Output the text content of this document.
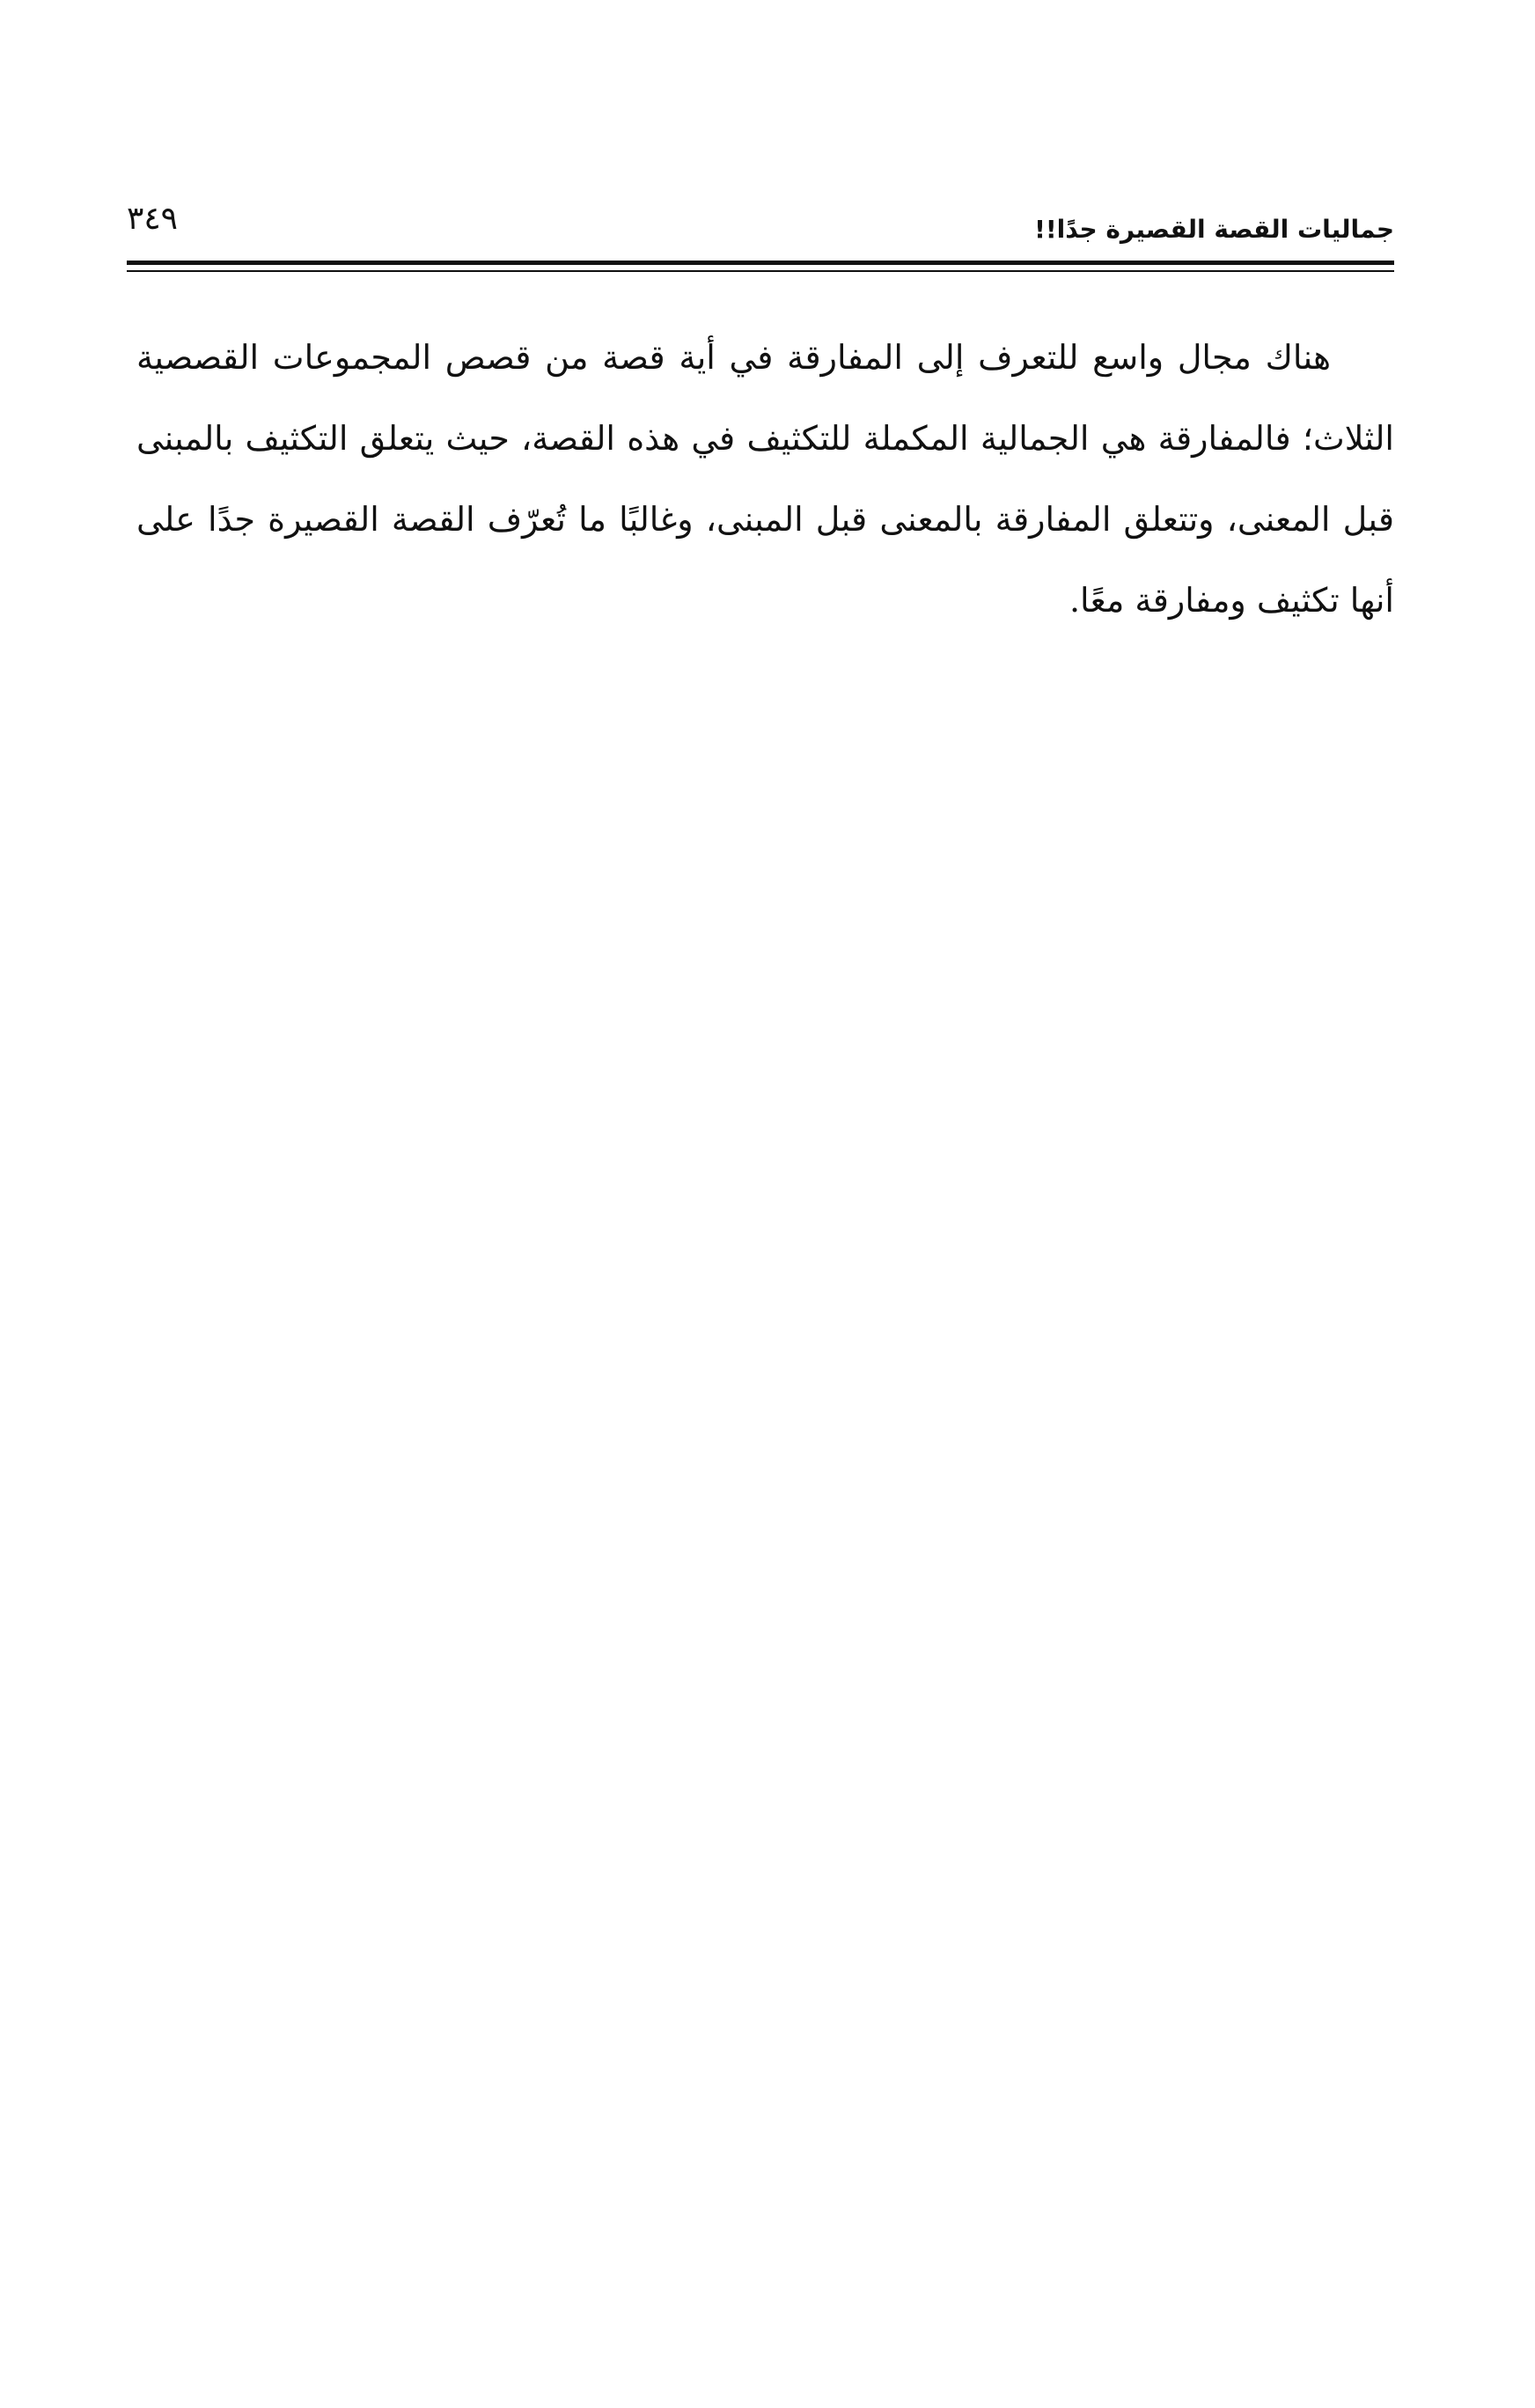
جماليات القصة القصيرة جدًا!!
٣٤٩

هناك مجال واسع للتعرف إلى المفارقة في أية قصة من قصص المجموعات القصصية الثلاث؛ فالمفارقة هي الجمالية المكملة للتكثيف في هذه القصة، حيث يتعلق التكثيف بالمبنى قبل المعنى، وتتعلق المفارقة بالمعنى قبل المبنى، وغالبًا ما تُعرّف القصة القصيرة جدًا على أنها تكثيف ومفارقة معًا.
